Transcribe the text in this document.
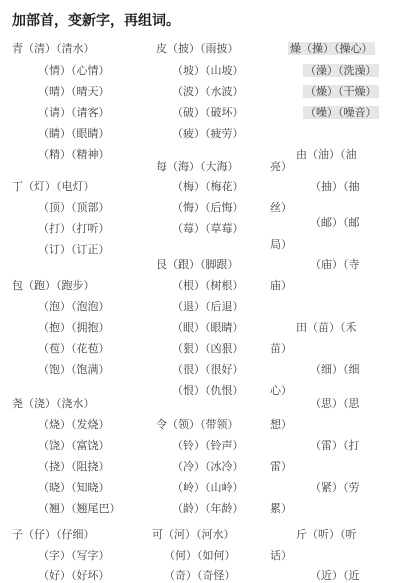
加部首，变新字，再组词。
青（清）（清水）
（情）（心情）
（晴）（晴天）
（请）（请客）
（睛）（眼睛）
（精）（精神）
皮（披）（雨披）
（坡）（山坡）
（波）（水波）
（破）（破坏）
（疲）（疲劳）
燥（操）（操心）
（澡）（洗澡）
（燥）（干燥）
（噪）（噪音）
由（油）（油
亮）
每（海）（大海）
丁（灯）（电灯）
（顶）（顶部）
（打）（打听）
（订）（订正）
（梅）（梅花）
（悔）（后悔）
（莓）（草莓）
（抽）（抽
丝）
（邮）（邮
局）
（庙）（寺
庙）
艮（跟）（脚跟）
（根）（树根）
（退）（后退）
（眼）（眼睛）
（狠）（凶狠）
（很）（很好）
（恨）（仇恨）
包（跑）（跑步）
（泡）（泡泡）
（抱）（拥抱）
（苞）（花苞）
（饱）（饱满）
田（苗）（禾
苗）
（细）（细
心）
尧（浇）（浇水）
（烧）（发烧）
（饶）（富饶）
（挠）（阻挠）
（晓）（知晓）
（翘）（翘尾巴）
（思）（思
想）
（雷）（打
雷）
（紧）（劳
累）
令（领）（带领）
（铃）（铃声）
（冷）（冰冷）
（岭）（山岭）
（龄）（年龄）
子（仔）（仔细）
（字）（写字）
（好）（好坏）
可（河）（河水）
（何）（如何）
（奇）（奇怪）
斤（听）（听
话）
（近）（近
